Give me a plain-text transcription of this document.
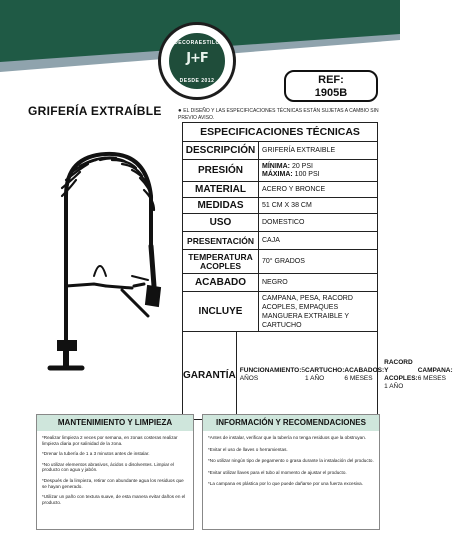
DECORAESTILO
J+F
DESDE 2012	REF:
1905B
GRIFERÍA EXTRAÍBLE	● EL DISEÑO Y LAS ESPECIFICACIONES TÉCNICAS ESTÁN SUJETAS A CAMBIO SIN PREVIO AVISO.
ESPECIFICACIONES TÉCNICAS
DESCRIPCIÓN GRIFERÍA EXTRAIBLE
PRESIÓN	MÍNIMA: 20 PSI
MÁXIMA: 100 PSI
MATERIAL	ACERO Y BRONCE
MEDIDAS	51 CM X 38 CM
USO	DOMESTICO
PRESENTACIÓN	CAJA
TEMPERATURA ACOPLES	70° GRADOS
ACABADO	NEGRO
INCLUYE
CAMPANA, PESA, RACORD ACOPLES, EMPAQUES MANGUERA EXTRAIBLE Y CARTUCHO
GARANTÍA FUNCIONAMIENTO:5 AÑOS
CARTUCHO: 1 AÑO
ACABADOS: 6 MESES
RACORD Y ACOPLES: 1 AÑO
CAMPANA: 6 MESES
MANTENIMIENTO Y LIMPIEZA
*Realizar limpieza 2 veces por semana, en zonas costeras realizar limpieza diaria por salinidad de la zona.
*Drenar la tubería de 1 a 3 minutos antes de instalar.
*No utilizar elementos abrasivos, ácidos o disolventes. Limpiar el producto con agua y jabón.
*Después de la limpieza, retirar con abundante agua los residuos que se hayan generado.
*Utilizar un paño con textura suave, de esta manera evitar daños en el producto.
INFORMACIÓN Y RECOMENDACIONES
*Antes de instalar, verificar que la tubería no tenga residuos que la obstruyan.
*Evitar el uso de llaves o herramientas.
*No utilizar ningún tipo de pegamento o grasa durante la instalación del producto.
*Evitar utilizar llaves para el tubo al momento de ajustar el producto.
*La campana es plástica por lo que puede dañarse por una fuerza excesiva.
